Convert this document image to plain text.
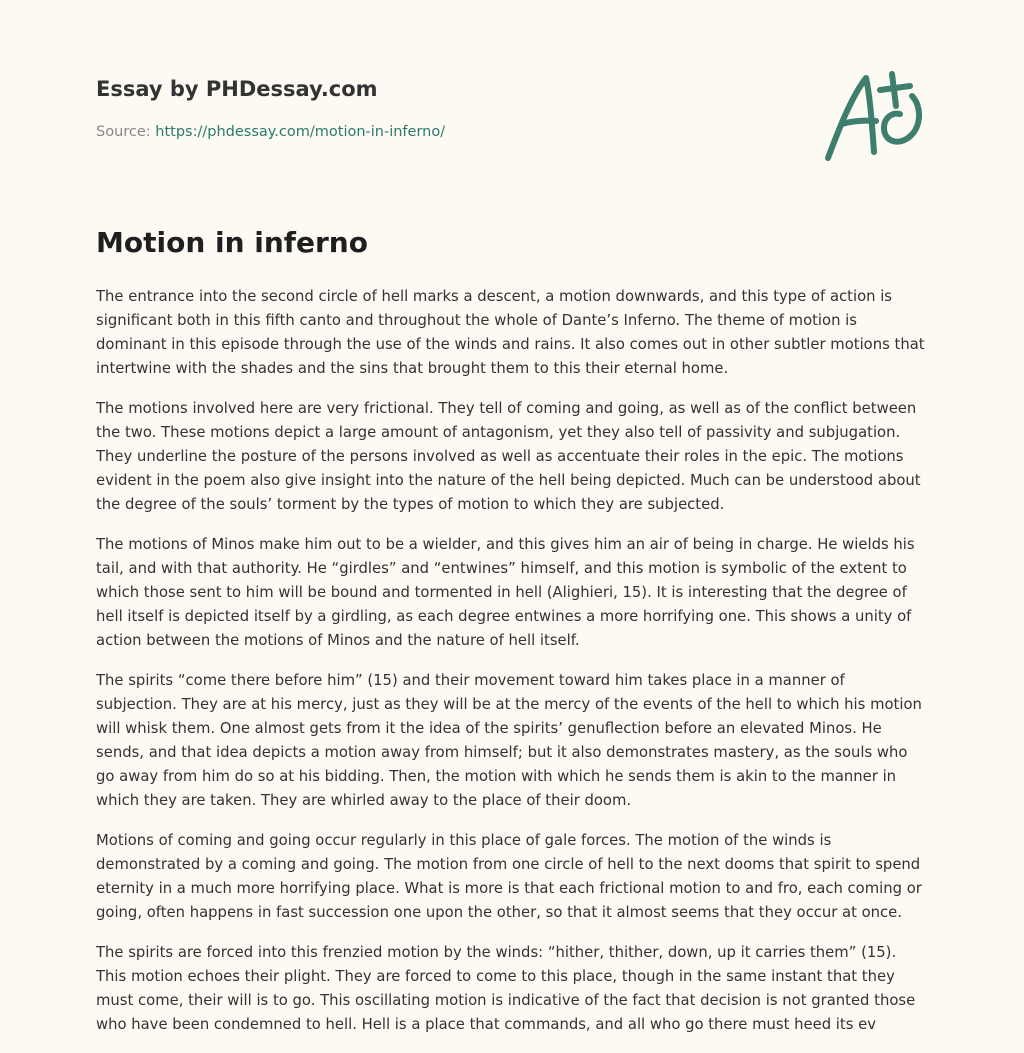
Essay by PHDessay.com
Source: https://phdessay.com/motion-in-inferno/
Motion in inferno

The entrance into the second circle of hell marks a descent, a motion downwards, and this type of action is significant both in this fifth canto and throughout the whole of Dante’s Inferno. The theme of motion is dominant in this episode through the use of the winds and rains. It also comes out in other subtler motions that intertwine with the shades and the sins that brought them to this their eternal home.

The motions involved here are very frictional. They tell of coming and going, as well as of the conflict between the two. These motions depict a large amount of antagonism, yet they also tell of passivity and subjugation. They underline the posture of the persons involved as well as accentuate their roles in the epic. The motions evident in the poem also give insight into the nature of the hell being depicted. Much can be understood about the degree of the souls’ torment by the types of motion to which they are subjected.

The motions of Minos make him out to be a wielder, and this gives him an air of being in charge. He wields his tail, and with that authority. He “girdles” and “entwines” himself, and this motion is symbolic of the extent to which those sent to him will be bound and tormented in hell (Alighieri, 15). It is interesting that the degree of hell itself is depicted itself by a girdling, as each degree entwines a more horrifying one. This shows a unity of action between the motions of Minos and the nature of hell itself.

The spirits “come there before him” (15) and their movement toward him takes place in a manner of subjection. They are at his mercy, just as they will be at the mercy of the events of the hell to which his motion will whisk them. One almost gets from it the idea of the spirits’ genuflection before an elevated Minos. He sends, and that idea depicts a motion away from himself; but it also demonstrates mastery, as the souls who go away from him do so at his bidding. Then, the motion with which he sends them is akin to the manner in which they are taken. They are whirled away to the place of their doom.

Motions of coming and going occur regularly in this place of gale forces. The motion of the winds is demonstrated by a coming and going. The motion from one circle of hell to the next dooms that spirit to spend eternity in a much more horrifying place. What is more is that each frictional motion to and fro, each coming or going, often happens in fast succession one upon the other, so that it almost seems that they occur at once.

The spirits are forced into this frenzied motion by the winds: “hither, thither, down, up it carries them” (15). This motion echoes their plight. They are forced to come to this place, though in the same instant that they must come, their will is to go. This oscillating motion is indicative of the fact that decision is not granted those who have been condemned to hell. Hell is a place that commands, and all who go there must heed its ev
